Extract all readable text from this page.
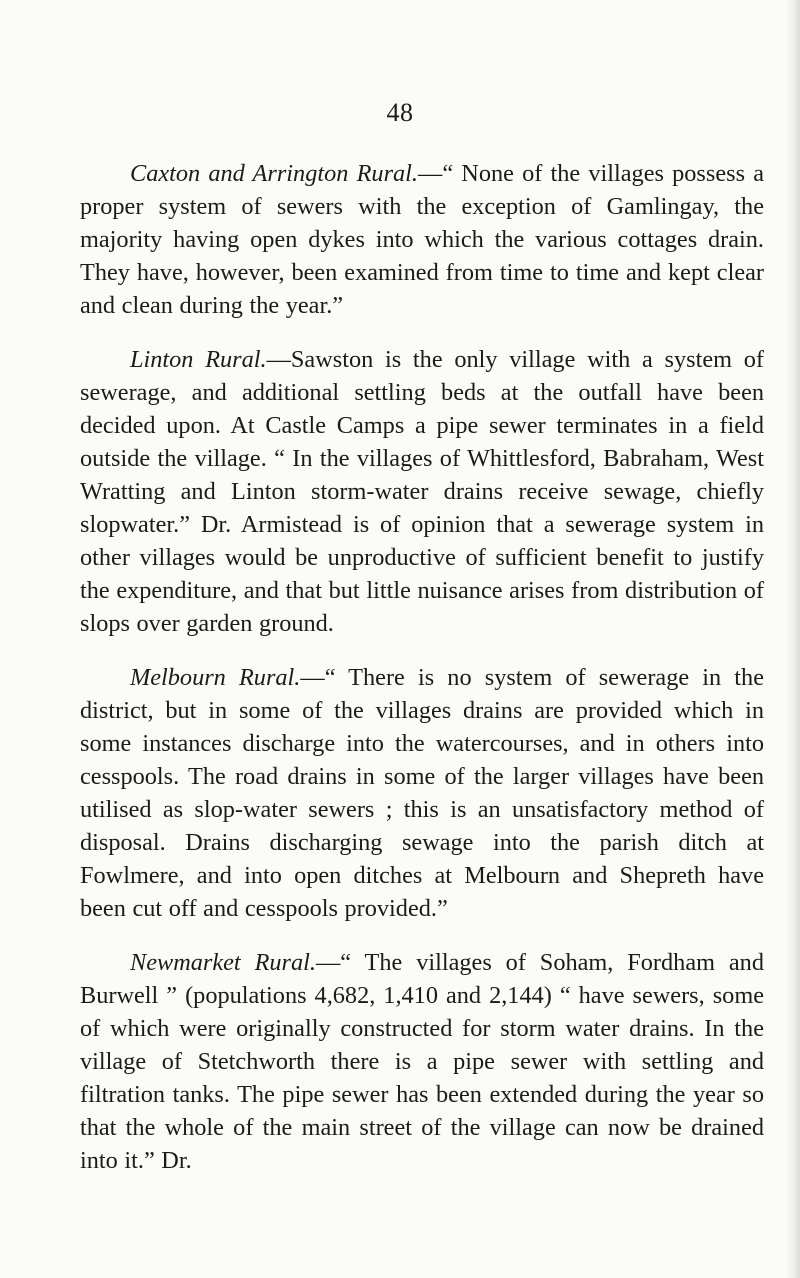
48

Caxton and Arrington Rural.—“ None of the villages possess a proper system of sewers with the exception of Gamlingay, the majority having open dykes into which the various cottages drain. They have, however, been examined from time to time and kept clear and clean during the year.”

Linton Rural.—Sawston is the only village with a system of sewerage, and additional settling beds at the outfall have been decided upon. At Castle Camps a pipe sewer terminates in a field outside the village. “ In the villages of Whittlesford, Babraham, West Wratting and Linton storm-water drains receive sewage, chiefly slopwater.” Dr. Armistead is of opinion that a sewerage system in other villages would be unproductive of sufficient benefit to justify the expenditure, and that but little nuisance arises from distribution of slops over garden ground.

Melbourn Rural.—“ There is no system of sewerage in the district, but in some of the villages drains are provided which in some instances discharge into the watercourses, and in others into cesspools. The road drains in some of the larger villages have been utilised as slop-water sewers ; this is an unsatisfactory method of disposal. Drains discharging sewage into the parish ditch at Fowlmere, and into open ditches at Melbourn and Shepreth have been cut off and cesspools provided.”

Newmarket Rural.—“ The villages of Soham, Fordham and Burwell ” (populations 4,682, 1,410 and 2,144) “ have sewers, some of which were originally constructed for storm water drains. In the village of Stetchworth there is a pipe sewer with settling and filtration tanks. The pipe sewer has been extended during the year so that the whole of the main street of the village can now be drained into it.” Dr.
